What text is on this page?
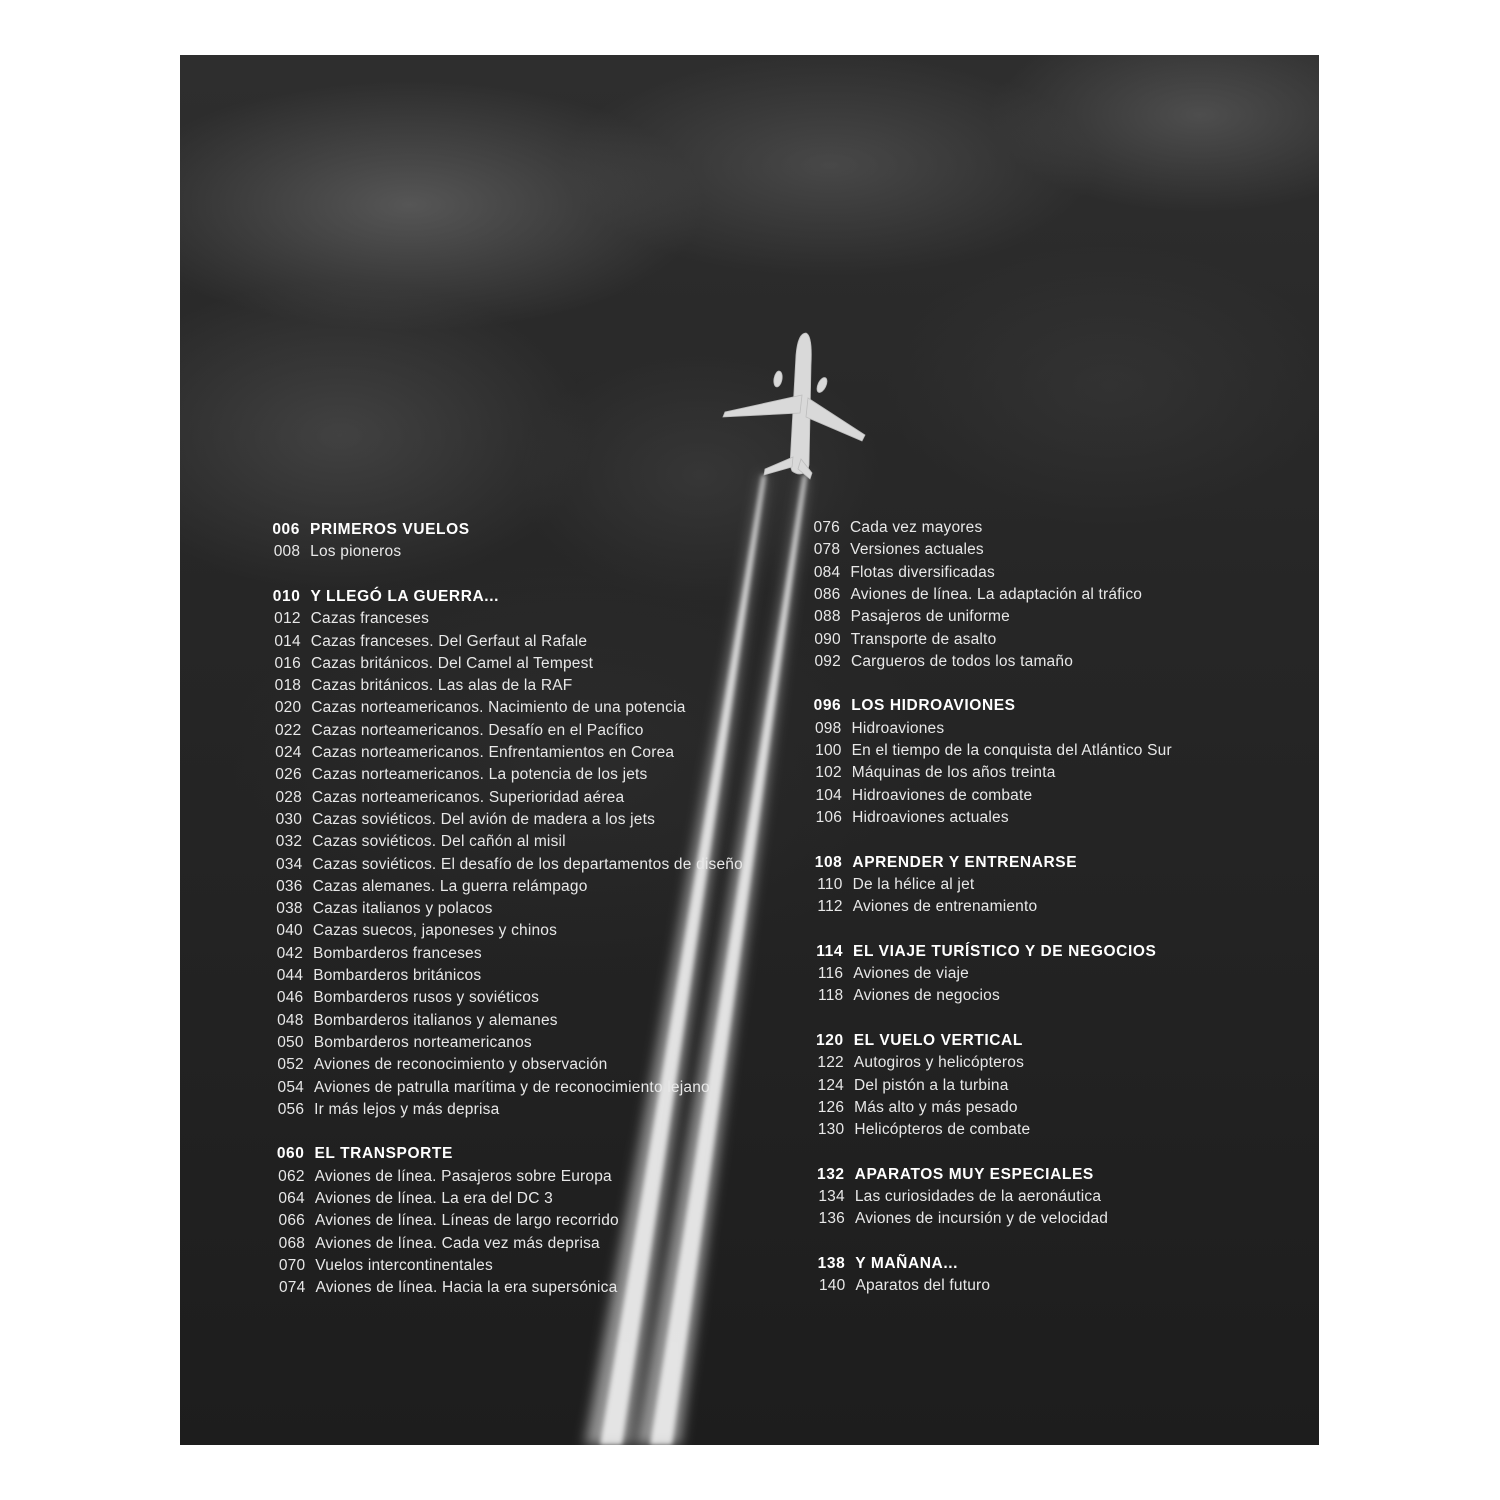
006 PRIMEROS VUELOS
008 Los pioneros
010 Y LLEGÓ LA GUERRA...
012 Cazas franceses
014 Cazas franceses. Del Gerfaut al Rafale
016 Cazas británicos. Del Camel al Tempest
018 Cazas británicos. Las alas de la RAF
020 Cazas norteamericanos. Nacimiento de una potencia
022 Cazas norteamericanos. Desafío en el Pacífico
024 Cazas norteamericanos. Enfrentamientos en Corea
026 Cazas norteamericanos. La potencia de los jets
028 Cazas norteamericanos. Superioridad aérea
030 Cazas soviéticos. Del avión de madera a los jets
032 Cazas soviéticos. Del cañón al misil
034 Cazas soviéticos. El desafío de los departamentos de diseño
036 Cazas alemanes. La guerra relámpago
038 Cazas italianos y polacos
040 Cazas suecos, japoneses y chinos
042 Bombarderos franceses
044 Bombarderos británicos
046 Bombarderos rusos y soviéticos
048 Bombarderos italianos y alemanes
050 Bombarderos norteamericanos
052 Aviones de reconocimiento y observación
054 Aviones de patrulla marítima y de reconocimiento lejano
056 Ir más lejos y más deprisa
060 EL TRANSPORTE
062 Aviones de línea. Pasajeros sobre Europa
064 Aviones de línea. La era del DC 3
066 Aviones de línea. Líneas de largo recorrido
068 Aviones de línea. Cada vez más deprisa
070 Vuelos intercontinentales
074 Aviones de línea. Hacia la era supersónica
076 Cada vez mayores
078 Versiones actuales
084 Flotas diversificadas
086 Aviones de línea. La adaptación al tráfico
088 Pasajeros de uniforme
090 Transporte de asalto
092 Cargueros de todos los tamaño
096 LOS HIDROAVIONES
098 Hidroaviones
100 En el tiempo de la conquista del Atlántico Sur
102 Máquinas de los años treinta
104 Hidroaviones de combate
106 Hidroaviones actuales
108 APRENDER Y ENTRENARSE
110 De la hélice al jet
112 Aviones de entrenamiento
114 EL VIAJE TURÍSTICO Y DE NEGOCIOS
116 Aviones de viaje
118 Aviones de negocios
120 EL VUELO VERTICAL
122 Autogiros y helicópteros
124 Del pistón a la turbina
126 Más alto y más pesado
130 Helicópteros de combate
132 APARATOS MUY ESPECIALES
134 Las curiosidades de la aeronáutica
136 Aviones de incursión y de velocidad
138 Y MAÑANA...
140 Aparatos del futuro
